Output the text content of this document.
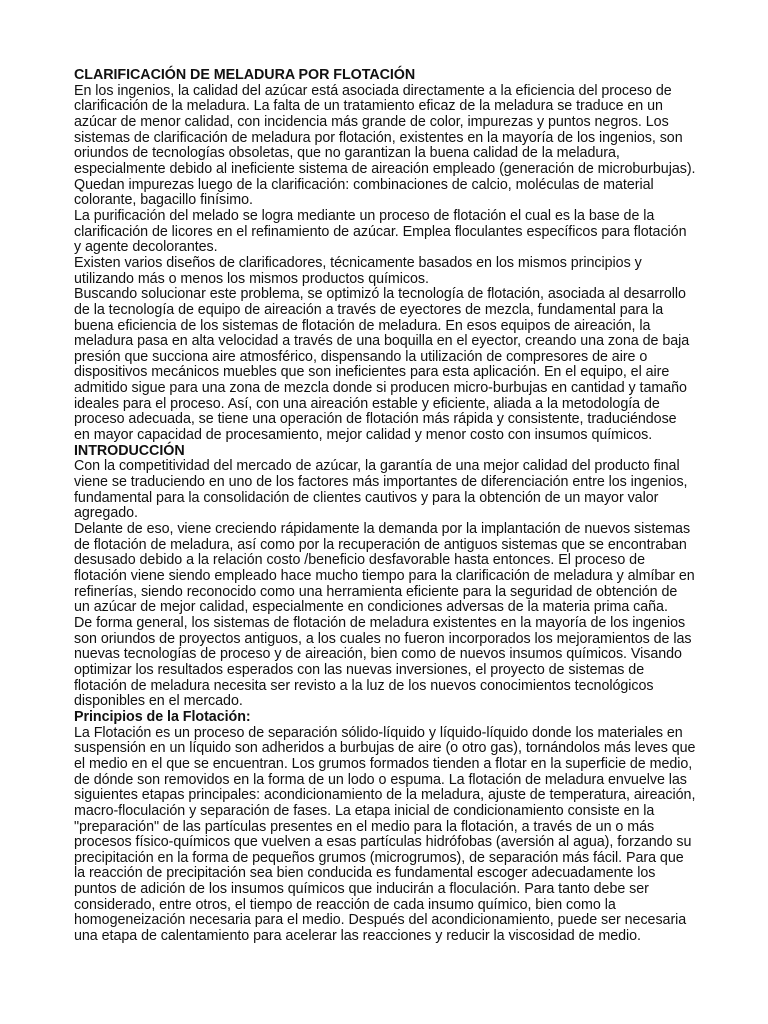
CLARIFICACIÓN DE MELADURA POR FLOTACIÓN

En los ingenios, la calidad del azúcar está asociada directamente a la eficiencia del proceso de
clarificación de la meladura. La falta de un tratamiento eficaz de la meladura se traduce en un
azúcar de menor calidad, con incidencia más grande de color, impurezas y puntos negros. Los
sistemas de clarificación de meladura por flotación, existentes en la mayoría de los ingenios, son
oriundos de tecnologías obsoletas, que no garantizan la buena calidad de la meladura,
especialmente debido al ineficiente sistema de aireación empleado (generación de microburbujas).

Quedan impurezas luego de la clarificación: combinaciones de calcio, moléculas de material
colorante, bagacillo finísimo.

La purificación del melado se logra mediante un proceso de flotación el cual es la base de la
clarificación de licores en el refinamiento de azúcar. Emplea floculantes específicos para flotación
y agente decolorantes.

Existen varios diseños de clarificadores, técnicamente basados en los mismos principios y
utilizando más o menos los mismos productos químicos.

Buscando solucionar este problema, se optimizó la tecnología de flotación, asociada al desarrollo
de la tecnología de equipo de aireación a través de eyectores de mezcla, fundamental para la
buena eficiencia de los sistemas de flotación de meladura. En esos equipos de aireación, la
meladura pasa en alta velocidad a través de una boquilla en el eyector, creando una zona de baja
presión que succiona aire atmosférico, dispensando la utilización de compresores de aire o
dispositivos mecánicos muebles que son ineficientes para esta aplicación. En el equipo, el aire
admitido sigue para una zona de mezcla donde si producen micro-burbujas en cantidad y tamaño
ideales para el proceso. Así, con una aireación estable y eficiente, aliada a la metodología de
proceso adecuada, se tiene una operación de flotación más rápida y consistente, traduciéndose
en mayor capacidad de procesamiento, mejor calidad y menor costo con insumos químicos.

INTRODUCCIÓN

Con la competitividad del mercado de azúcar, la garantía de una mejor calidad del producto final
viene se traduciendo en uno de los factores más importantes de diferenciación entre los ingenios,
fundamental para la consolidación de clientes cautivos y para la obtención de un mayor valor
agregado.

Delante de eso, viene creciendo rápidamente la demanda por la implantación de nuevos sistemas
de flotación de meladura, así como por la recuperación de antiguos sistemas que se encontraban
desusado debido a la relación costo /beneficio desfavorable hasta entonces. El proceso de
flotación viene siendo empleado hace mucho tiempo para la clarificación de meladura y almíbar en
refinerías, siendo reconocido como una herramienta eficiente para la seguridad de obtención de
un azúcar de mejor calidad, especialmente en condiciones adversas de la materia prima caña.

De forma general, los sistemas de flotación de meladura existentes en la mayoría de los ingenios
son oriundos de proyectos antiguos, a los cuales no fueron incorporados los mejoramientos de las
nuevas tecnologías de proceso y de aireación, bien como de nuevos insumos químicos. Visando
optimizar los resultados esperados con las nuevas inversiones, el proyecto de sistemas de
flotación de meladura necesita ser revisto a la luz de los nuevos conocimientos tecnológicos
disponibles en el mercado.

Principios de la Flotación:

La Flotación es un proceso de separación sólido-líquido y líquido-líquido donde los materiales en
suspensión en un líquido son adheridos a burbujas de aire (o otro gas), tornándolos más leves que
el medio en el que se encuentran. Los grumos formados tienden a flotar en la superficie de medio,
de dónde son removidos en la forma de un lodo o espuma. La flotación de meladura envuelve las
siguientes etapas principales: acondicionamiento de la meladura, ajuste de temperatura, aireación,
macro-floculación y separación de fases. La etapa inicial de condicionamiento consiste en la
"preparación" de las partículas presentes en el medio para la flotación, a través de un o más
procesos físico-químicos que vuelven a esas partículas hidrófobas (aversión al agua), forzando su
precipitación en la forma de pequeños grumos (microgrumos), de separación más fácil. Para que
la reacción de precipitación sea bien conducida es fundamental escoger adecuadamente los
puntos de adición de los insumos químicos que inducirán a floculación. Para tanto debe ser
considerado, entre otros, el tiempo de reacción de cada insumo químico, bien como la
homogeneización necesaria para el medio. Después del acondicionamiento, puede ser necesaria
una etapa de calentamiento para acelerar las reacciones y reducir la viscosidad de medio.
